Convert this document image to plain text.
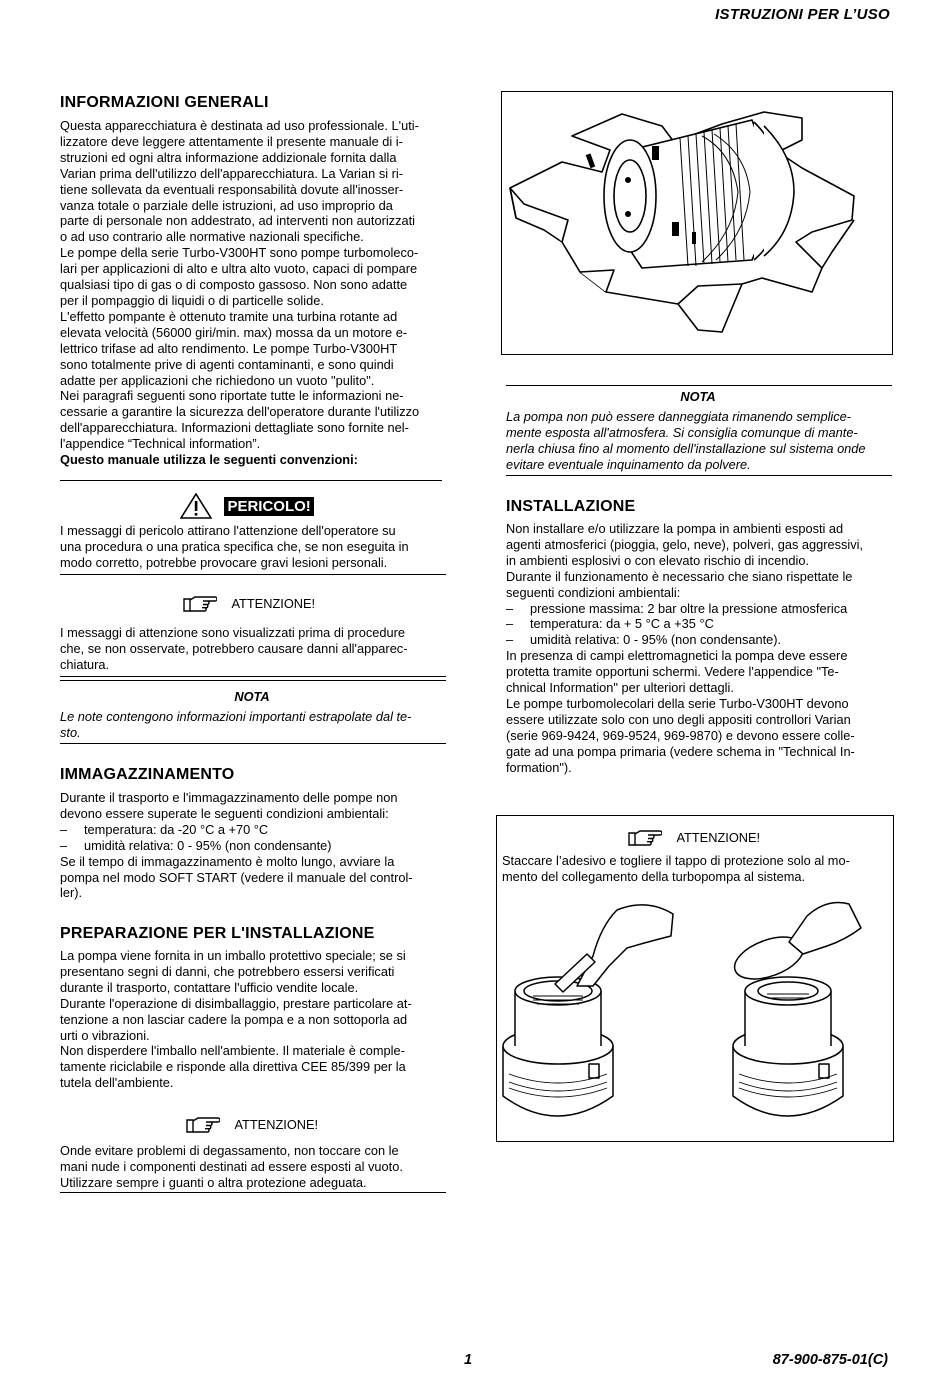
ISTRUZIONI PER L’USO
INFORMAZIONI GENERALI

Questa apparecchiatura è destinata ad uso professionale. L'uti-

lizzatore deve leggere attentamente il presente manuale di i-

struzioni ed ogni altra informazione addizionale fornita dalla

Varian prima dell'utilizzo dell'apparecchiatura. La Varian si ri-

tiene sollevata da eventuali responsabilità dovute all'inosser-

vanza totale o parziale delle istruzioni, ad uso improprio da

parte di personale non addestrato, ad interventi non autorizzati

o ad uso contrario alle normative nazionali specifiche.

Le pompe della serie Turbo-V300HT sono pompe turbomoleco-

lari per applicazioni di alto e ultra alto vuoto, capaci di pompare

qualsiasi tipo di gas o di composto gassoso. Non sono adatte

per il pompaggio di liquidi o di particelle solide.

L'effetto pompante è ottenuto tramite una turbina rotante ad

elevata velocità (56000 giri/min. max) mossa da un motore e-

lettrico trifase ad alto rendimento. Le pompe Turbo-V300HT

sono totalmente prive di agenti contaminanti, e sono quindi

adatte per applicazioni che richiedono un vuoto "pulito".

Nei paragrafi seguenti sono riportate tutte le informazioni ne-

cessarie a garantire la sicurezza dell'operatore durante l'utilizzo

dell'apparecchiatura. Informazioni dettagliate sono fornite nel-

l'appendice “Technical information”.

Questo manuale utilizza le seguenti convenzioni:

PERICOLO!

I messaggi di pericolo attirano l'attenzione dell'operatore su

una procedura o una pratica specifica che, se non eseguita in

modo corretto, potrebbe provocare gravi lesioni personali.

ATTENZIONE!

I messaggi di attenzione sono visualizzati prima di procedure

che, se non osservate, potrebbero causare danni all'apparec-

chiatura.

NOTA

Le note contengono informazioni importanti estrapolate dal te-

sto.

IMMAGAZZINAMENTO

Durante il trasporto e l'immagazzinamento delle pompe non

devono essere superate le seguenti condizioni ambientali:

– temperatura: da -20 °C a +70 °C
– umidità relativa: 0 - 95% (non condensante)

Se il tempo di immagazzinamento è molto lungo, avviare la

pompa nel modo SOFT START (vedere il manuale del control-

ler).

PREPARAZIONE PER L'INSTALLAZIONE

La pompa viene fornita in un imballo protettivo speciale; se si

presentano segni di danni, che potrebbero essersi verificati

durante il trasporto, contattare l'ufficio vendite locale.

Durante l'operazione di disimballaggio, prestare particolare at-

tenzione a non lasciar cadere la pompa e a non sottoporla ad

urti o vibrazioni.

Non disperdere l'imballo nell'ambiente. Il materiale è comple-

tamente riciclabile e risponde alla direttiva CEE 85/399 per la

tutela dell'ambiente.

ATTENZIONE!

Onde evitare problemi di degassamento, non toccare con le

mani nude i componenti destinati ad essere esposti al vuoto.

Utilizzare sempre i guanti o altra protezione adeguata.

NOTA

La pompa non può essere danneggiata rimanendo semplice-

mente esposta all'atmosfera. Si consiglia comunque di mante-

nerla chiusa fino al momento dell'installazione sul sistema onde

evitare eventuale inquinamento da polvere.

INSTALLAZIONE

Non installare e/o utilizzare la pompa in ambienti esposti ad

agenti atmosferici (pioggia, gelo, neve), polveri, gas aggressivi,

in ambienti esplosivi o con elevato rischio di incendio.

Durante il funzionamento è necessario che siano rispettate le

seguenti condizioni ambientali:

– pressione massima: 2 bar oltre la pressione atmosferica
– temperatura: da + 5 °C a +35 °C
– umidità relativa: 0 - 95% (non condensante).

In presenza di campi elettromagnetici la pompa deve essere

protetta tramite opportuni schermi. Vedere l'appendice "Te-

chnical Information" per ulteriori dettagli.

Le pompe turbomolecolari della serie Turbo-V300HT devono

essere utilizzate solo con uno degli appositi controllori Varian

(serie 969-9424, 969-9524, 969-9870) e devono essere colle-

gate ad una pompa primaria (vedere schema in "Technical In-

formation").

ATTENZIONE!

Staccare l’adesivo e togliere il tappo di protezione solo al mo-

mento del collegamento della turbopompa al sistema.

1	87-900-875-01(C)
